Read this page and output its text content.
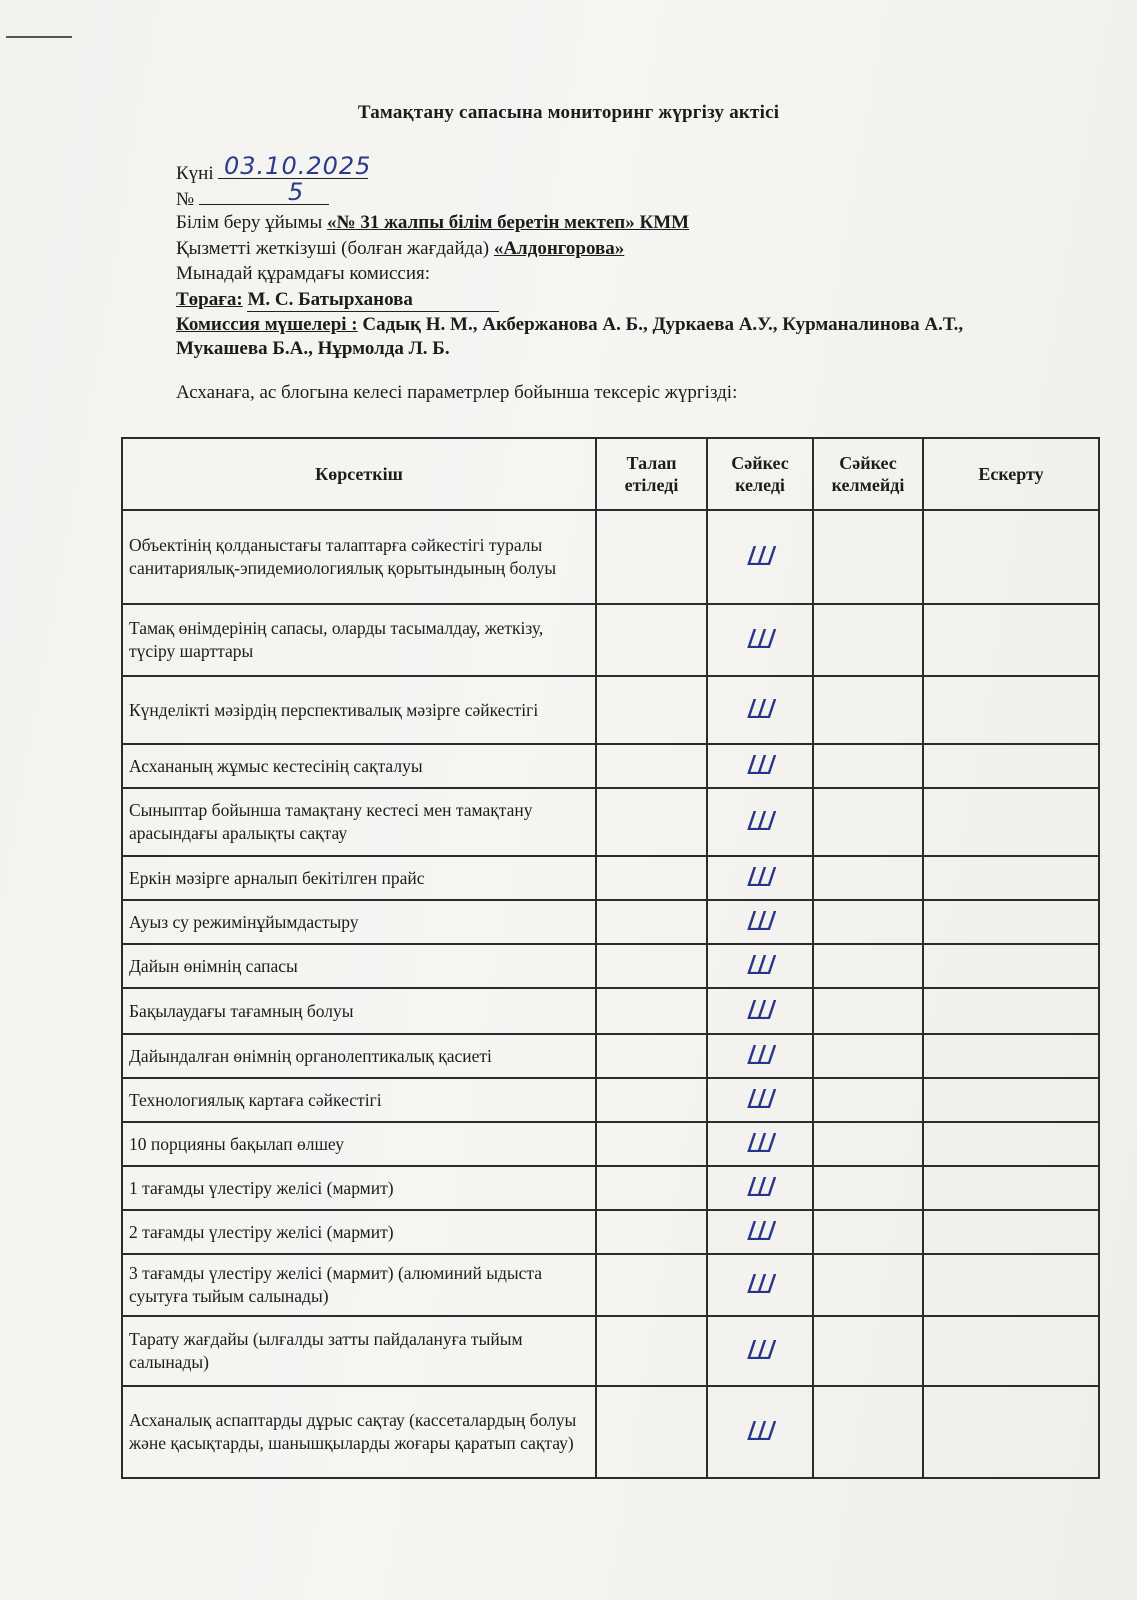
Тамақтану сапасына мониторинг жүргізу актісі
Күні 03.10.2025
№	5
Білім беру ұйымы «№ 31 жалпы білім беретін мектеп» КММ
Қызметті жеткізуші (болған жағдайда) «Алдонгорова»
Мынадай құрамдағы комиссия:
Төраға: М. С. Батырханова
Комиссия мүшелері : Садық Н. М., Акбержанова А. Б., Дуркаева А.У., Курманалинова А.Т.,
Мукашева Б.А., Нұрмолда Л. Б.
Асханаға, ас блогына келесі параметрлер бойынша тексеріс жүргізді:
Көрсеткіш	Талап етіледі	Сәйкес келеді	Сәйкес келмейді	Ескерту
Объектінің қолданыстағы талаптарға сәйкестігі туралы санитариялық-эпидемиологиялық қорытындының болуы		Ш		
Тамақ өнімдерінің сапасы, оларды тасымалдау, жеткізу, түсіру шарттары		Ш		
Күнделікті мәзірдің перспективалық мәзірге сәйкестігі		Ш		
Асхананың жұмыс кестесінің сақталуы		Ш		
Сыныптар бойынша тамақтану кестесі мен тамақтану арасындағы аралықты сақтау		Ш		
Еркін мәзірге арналып бекітілген прайс		Ш		
Ауыз су режимінұйымдастыру		Ш		
Дайын өнімнің сапасы		Ш		
Бақылаудағы тағамның болуы		Ш		
Дайындалған өнімнің органолептикалық қасиеті		Ш		
Технологиялық картаға сәйкестігі		Ш		
10 порцияны бақылап өлшеу		Ш		
1 тағамды үлестіру желісі (мармит)		Ш		
2 тағамды үлестіру желісі (мармит)		Ш		
3 тағамды үлестіру желісі (мармит) (алюминий ыдыста суытуға тыйым салынады)		Ш		
Тарату жағдайы (ылғалды затты пайдалануға тыйым салынады)		Ш		
Асханалық аспаптарды дұрыс сақтау (кассеталардың болуы және қасықтарды, шанышқыларды жоғары қаратып сақтау)		Ш		
